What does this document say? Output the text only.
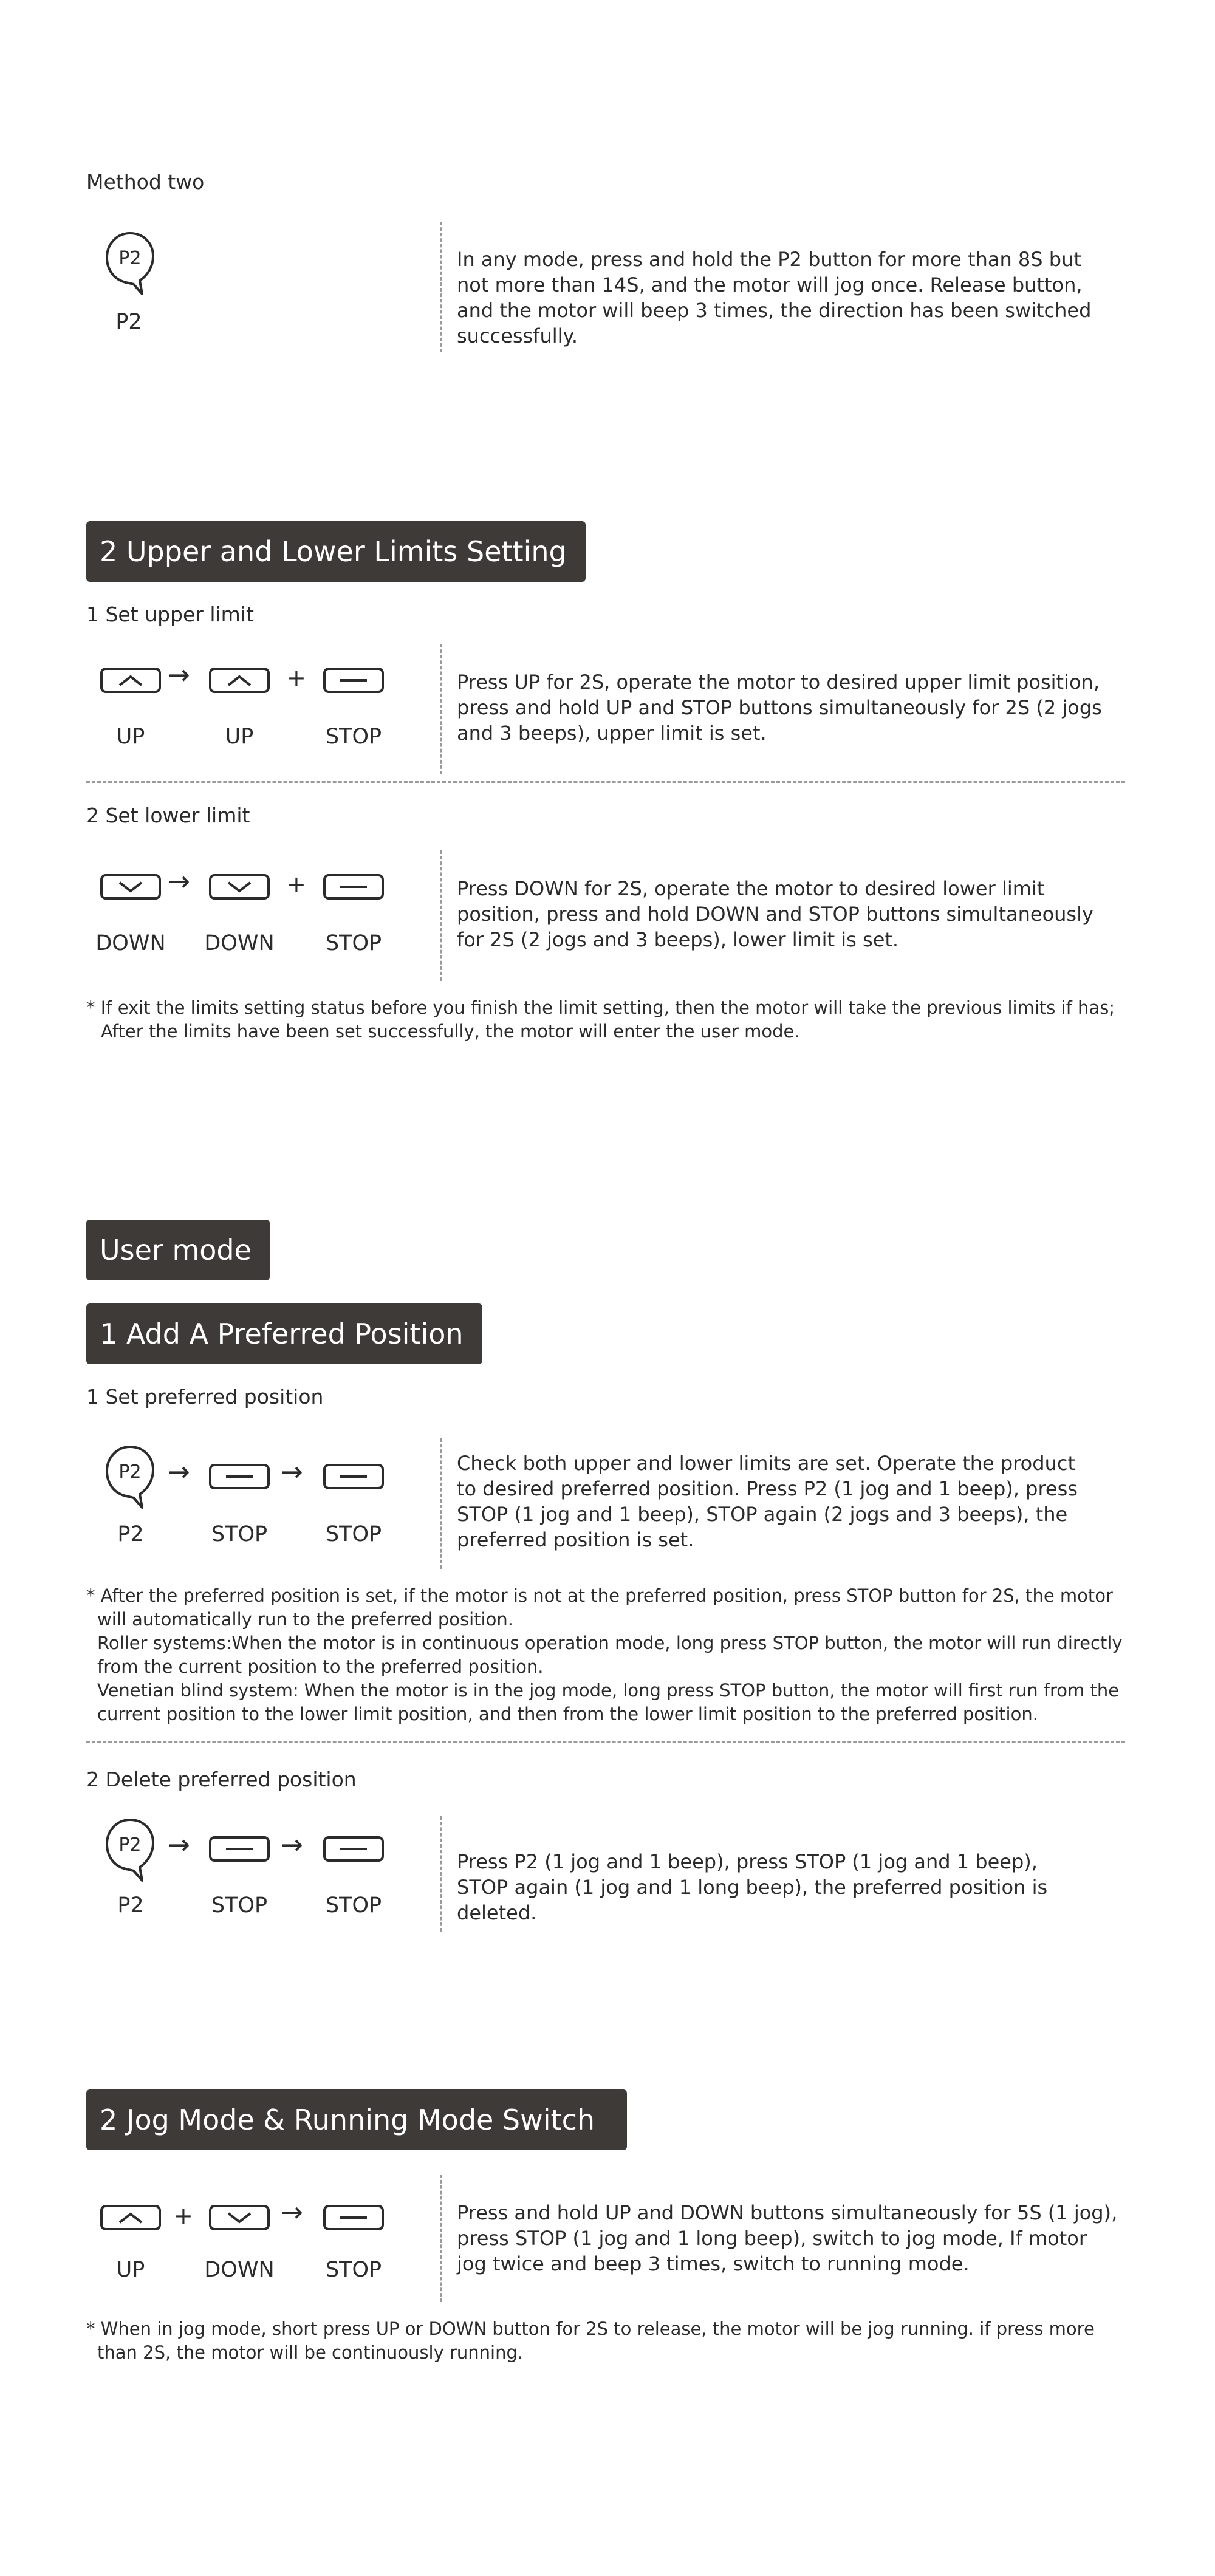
Method two
P2
P2
In any mode, press and hold the P2 button for more than 8S but not more than 14S, and the motor will jog once. Release button, and the motor will beep 3 times, the direction has been switched successfully.
2 Upper and Lower Limits Setting
1 Set upper limit
→	+
UP	UP	STOP
Press UP for 2S, operate the motor to desired upper limit position, press and hold UP and STOP buttons simultaneously for 2S (2 jogs and 3 beeps), upper limit is set.
2 Set lower limit
→	+
DOWN	DOWN	STOP
Press DOWN for 2S, operate the motor to desired lower limit position, press and hold DOWN and STOP buttons simultaneously for 2S (2 jogs and 3 beeps), lower limit is set.
* If exit the limits setting status before you finish the limit setting, then the motor will take the previous limits if has;
After the limits have been set successfully, the motor will enter the user mode.
User mode
1 Add A Preferred Position
1 Set preferred position
P2 →	→
P2	STOP	STOP
Check both upper and lower limits are set. Operate the product to desired preferred position. Press P2 (1 jog and 1 beep), press STOP (1 jog and 1 beep), STOP again (2 jogs and 3 beeps), the preferred position is set.
* After the preferred position is set, if the motor is not at the preferred position, press STOP button for 2S, the motor
will automatically run to the preferred position.
Roller systems:When the motor is in continuous operation mode, long press STOP button, the motor will run directly
from the current position to the preferred position.
Venetian blind system: When the motor is in the jog mode, long press STOP button, the motor will first run from the
current position to the lower limit position, and then from the lower limit position to the preferred position.
2 Delete preferred position
P2 →	→
P2	STOP	STOP
Press P2 (1 jog and 1 beep), press STOP (1 jog and 1 beep), STOP again (1 jog and 1 long beep), the preferred position is deleted.
2 Jog Mode & Running Mode Switch
+	→
UP	DOWN	STOP
Press and hold UP and DOWN buttons simultaneously for 5S (1 jog), press STOP (1 jog and 1 long beep), switch to jog mode, If motor jog twice and beep 3 times, switch to running mode.
* When in jog mode, short press UP or DOWN button for 2S to release, the motor will be jog running. if press more
than 2S, the motor will be continuously running.
